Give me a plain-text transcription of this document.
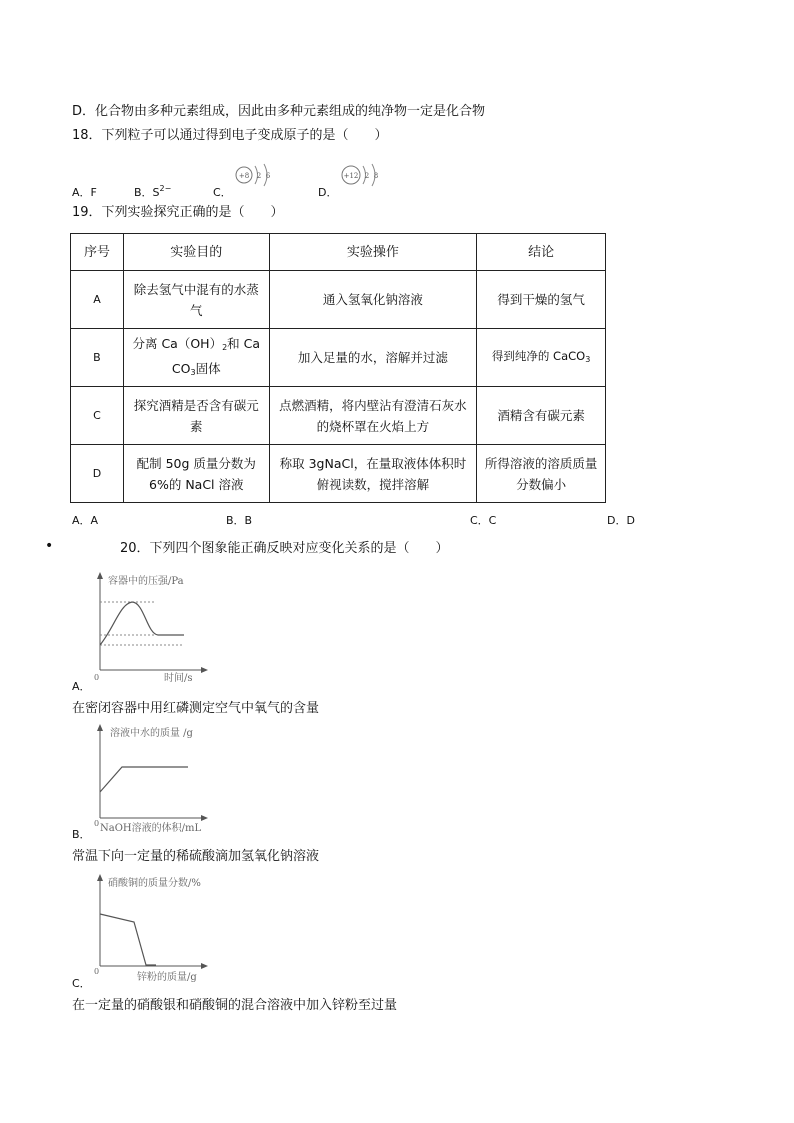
D．化合物由多种元素组成，因此由多种元素组成的纯净物一定是化合物
18．下列粒子可以通过得到电子变成原子的是（　　）
A．F	B．$S^{2-}$	C．
+8 2 6
D．
+12 2 8
19．下列实验探究正确的是（　　）
序号	实验目的	实验操作	结论
A	除去氢气中混有的水蒸气	通入氢氧化钠溶液	得到干燥的氢气
B	分离 $Ca(OH)_2$和 Ca
$CO_3$固体	加入足量的水，溶解并过滤	得到纯净的 CaCO$_3$
C	探究酒精是否含有碳元素	点燃酒精，将内壁沾有澄清石灰水的烧杯罩在火焰上方	酒精含有碳元素
D	配制 50g 质量分数为 6%的 NaCl 溶液	称取 3gNaCl，在量取液体体积时俯视读数，搅拌溶解	所得溶液的溶质质量分数偏小
A．A	B．B	C．C	D．D
•	20．下列四个图象能正确反映对应变化关系的是（　　）
容器中的压强/Pa
0	时间/s
A．
在密闭容器中用红磷测定空气中氧气的含量
溶液中水的质量 /g
0 NaOH溶液的体积/mL
B．
常温下向一定量的稀硫酸滴加氢氧化钠溶液
硝酸铜的质量分数/%
0
锌粉的质量/g
C．
在一定量的硝酸银和硝酸铜的混合溶液中加入锌粉至过量
